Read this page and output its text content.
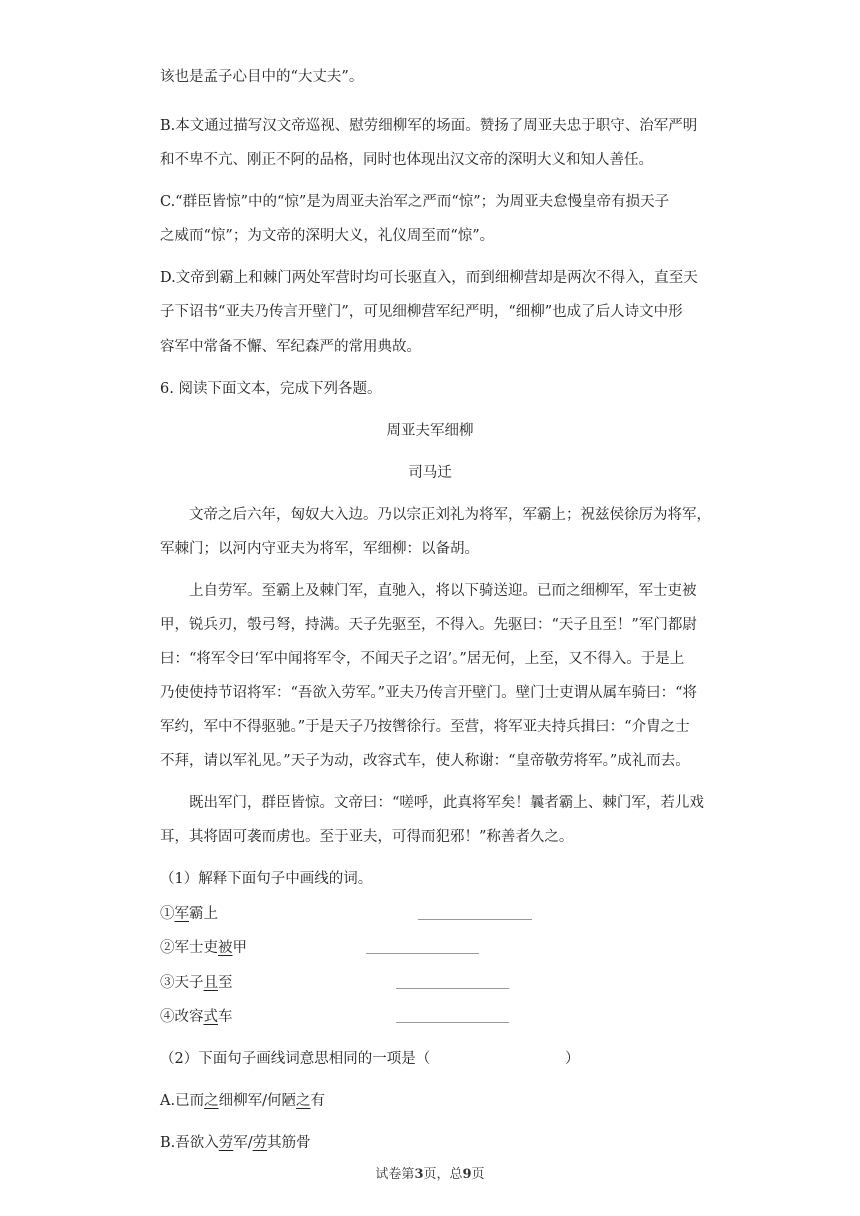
该也是孟子心目中的“大丈夫”。
B.本文通过描写汉文帝巡视、慰劳细柳军的场面。赞扬了周亚夫忠于职守、治军严明
和不卑不亢、刚正不阿的品格，同时也体现出汉文帝的深明大义和知人善任。
C.“群臣皆惊”中的“惊”是为周亚夫治军之严而“惊”；为周亚夫怠慢皇帝有损天子
之威而“惊”；为文帝的深明大义，礼仪周至而“惊”。
D.文帝到霸上和棘门两处军营时均可长驱直入，而到细柳营却是两次不得入，直至天
子下诏书“亚夫乃传言开壁门”，可见细柳营军纪严明，“细柳”也成了后人诗文中形
容军中常备不懈、军纪森严的常用典故。
6. 阅读下面文本，完成下列各题。
周亚夫军细柳
司马迁
文帝之后六年，匈奴大入边。乃以宗正刘礼为将军，军霸上；祝兹侯徐厉为将军，
军棘门；以河内守亚夫为将军，军细柳：以备胡。
上自劳军。至霸上及棘门军，直驰入，将以下骑送迎。已而之细柳军，军士吏被
甲，锐兵刃，彀弓弩，持满。天子先驱至，不得入。先驱曰：“天子且至！”军门都尉
曰：“将军令曰‘军中闻将军令，不闻天子之诏’。”居无何，上至，又不得入。于是上
乃使使持节诏将军：“吾欲入劳军。”亚夫乃传言开壁门。壁门士吏谓从属车骑曰：“将
军约，军中不得驱驰。”于是天子乃按辔徐行。至营，将军亚夫持兵揖曰：“介胄之士
不拜，请以军礼见。”天子为动，改容式车，使人称谢：“皇帝敬劳将军。”成礼而去。
既出军门，群臣皆惊。文帝曰：“嗟呼，此真将军矣！曩者霸上、棘门军，若儿戏
耳，其将固可袭而虏也。至于亚夫，可得而犯邪！”称善者久之。
（1）解释下面句子中画线的词。
①军霸上
②军士吏被甲
③天子且至
④改容式车
（2）下面句子画线词意思相同的一项是（	）
A.已而之细柳军/何陋之有
B.吾欲入劳军/劳其筋骨
试卷第3页，总9页
